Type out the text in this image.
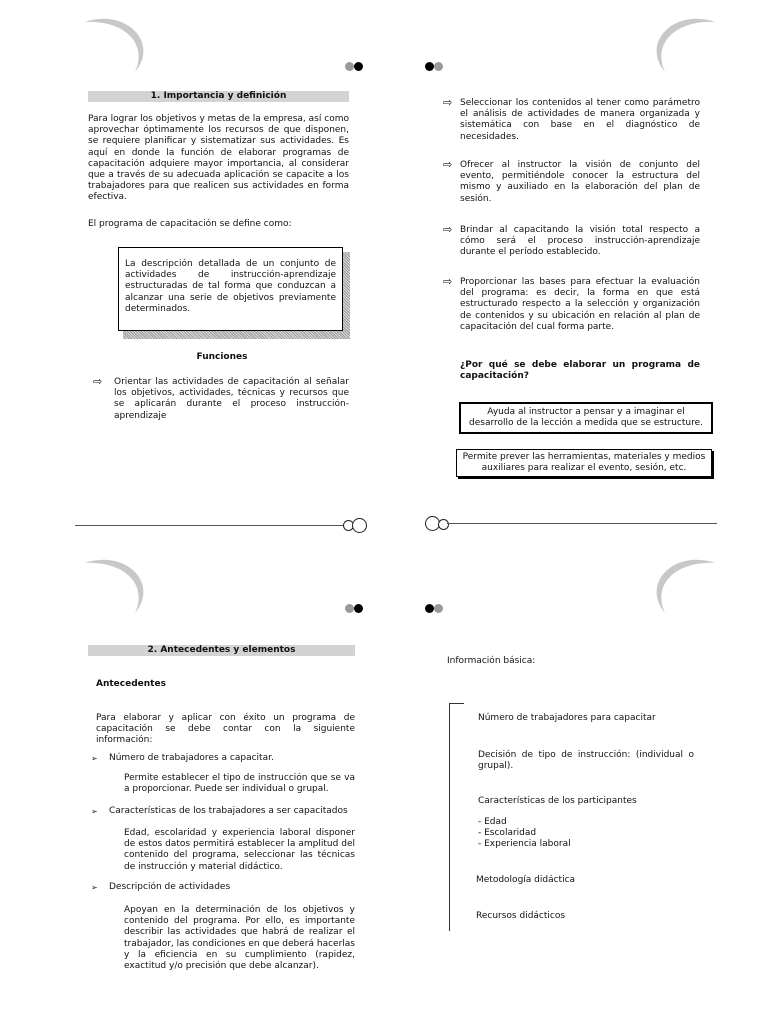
1. Importancia y definición
Para lograr los objetivos y metas de la empresa, así como aprovechar óptimamente los recursos de que disponen, se requiere planificar y sistematizar sus actividades. Es aquí en donde la función de elaborar programas de capacitación adquiere mayor importancia, al considerar que a través de su adecuada aplicación se capacite a los trabajadores para que realicen sus actividades en forma efectiva.
El programa de capacitación se define como:
La descripción detallada de un conjunto de actividades de instrucción-aprendizaje estructuradas de tal forma que conduzcan a alcanzar una serie de objetivos previamente determinados.
Funciones
⇨ Orientar las actividades de capacitación al señalar los objetivos, actividades, técnicas y recursos que se aplicarán durante el proceso instrucción-aprendizaje
⇨ Seleccionar los contenidos al tener como parámetro el análisis de actividades de manera organizada y sistemática con base en el diagnóstico de necesidades.
⇨ Ofrecer al instructor la visión de conjunto del evento, permitiéndole conocer la estructura del mismo y auxiliado en la elaboración del plan de sesión.
⇨ Brindar al capacitando la visión total respecto a cómo será el proceso instrucción-aprendizaje durante el período establecido.
⇨ Proporcionar las bases para efectuar la evaluación del programa: es decir, la forma en que está estructurado respecto a la selección y organización de contenidos y su ubicación en relación al plan de capacitación del cual forma parte.
¿Por qué se debe elaborar un programa de capacitación?
Ayuda al instructor a pensar y a imaginar el desarrollo de la lección a medida que se estructure.
Permite prever las herramientas, materiales y medios auxiliares para realizar el evento, sesión, etc.
2. Antecedentes y elementos
Antecedentes
Para elaborar y aplicar con éxito un programa de capacitación se debe contar con la siguiente información:
➢ Número de trabajadores a capacitar.
Permite establecer el tipo de instrucción que se va a proporcionar. Puede ser individual o grupal.
➢ Características de los trabajadores a ser capacitados
Edad, escolaridad y experiencia laboral disponer de estos datos permitirá establecer la amplitud del contenido del programa, seleccionar las técnicas de instrucción y material didáctico.
➢ Descripción de actividades
Apoyan en la determinación de los objetivos y contenido del programa. Por ello, es importante describir las actividades que habrá de realizar el trabajador, las condiciones en que deberá hacerlas y la eficiencia en su cumplimiento (rapidez, exactitud y/o precisión que debe alcanzar).
Información básica:
Número de trabajadores para capacitar
Decisión de tipo de instrucción: (individual o grupal).
Características de los participantes
- Edad
- Escolaridad
- Experiencia laboral
Metodología didáctica
Recursos didácticos
